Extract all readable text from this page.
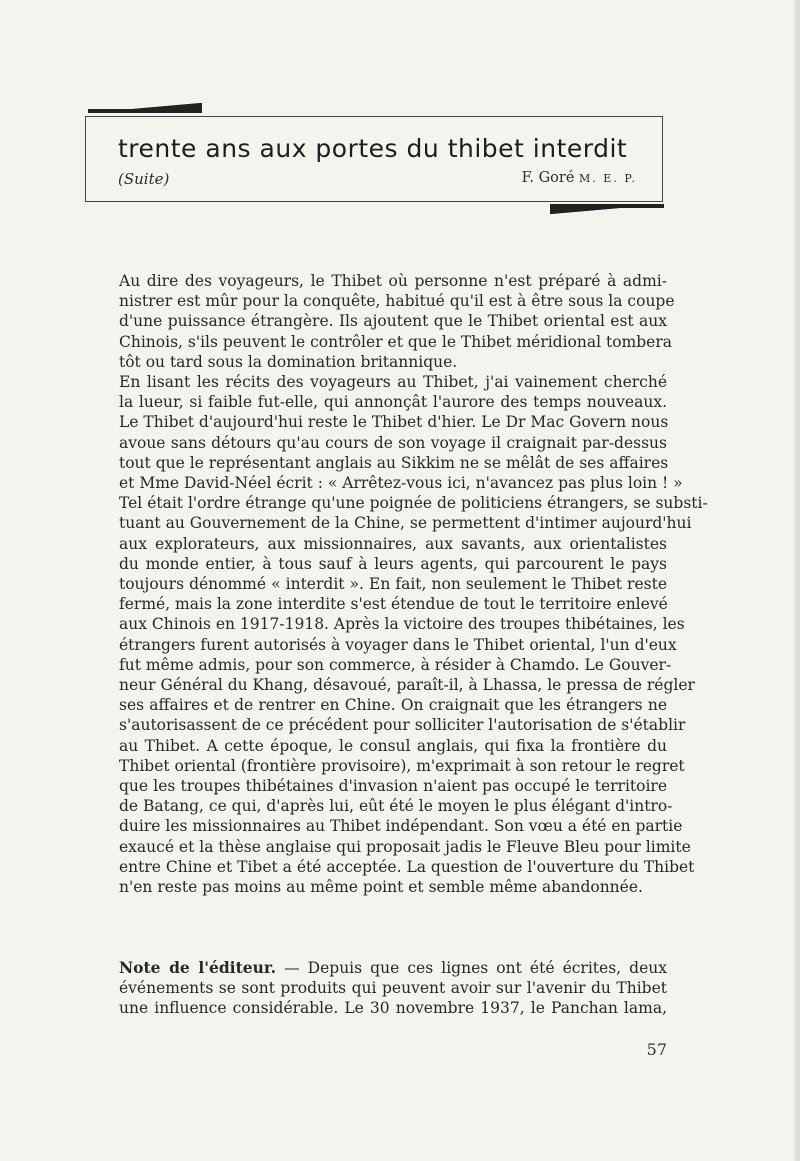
trente ans aux portes du thibet interdit
(Suite)	F. Goré M. E. P.
Au dire des voyageurs, le Thibet où personne n'est préparé à admi-
nistrer est mûr pour la conquête, habitué qu'il est à être sous la coupe
d'une puissance étrangère. Ils ajoutent que le Thibet oriental est aux
Chinois, s'ils peuvent le contrôler et que le Thibet méridional tombera
tôt ou tard sous la domination britannique.
En lisant les récits des voyageurs au Thibet, j'ai vainement cherché
la lueur, si faible fut-elle, qui annonçât l'aurore des temps nouveaux.
Le Thibet d'aujourd'hui reste le Thibet d'hier. Le Dr Mac Govern nous
avoue sans détours qu'au cours de son voyage il craignait par-dessus
tout que le représentant anglais au Sikkim ne se mêlât de ses affaires
et Mme David-Néel écrit : « Arrêtez-vous ici, n'avancez pas plus loin ! »
Tel était l'ordre étrange qu'une poignée de politiciens étrangers, se substi-
tuant au Gouvernement de la Chine, se permettent d'intimer aujourd'hui
aux explorateurs, aux missionnaires, aux savants, aux orientalistes
du monde entier, à tous sauf à leurs agents, qui parcourent le pays
toujours dénommé « interdit ». En fait, non seulement le Thibet reste
fermé, mais la zone interdite s'est étendue de tout le territoire enlevé
aux Chinois en 1917-1918. Après la victoire des troupes thibétaines, les
étrangers furent autorisés à voyager dans le Thibet oriental, l'un d'eux
fut même admis, pour son commerce, à résider à Chamdo. Le Gouver-
neur Général du Khang, désavoué, paraît-il, à Lhassa, le pressa de régler
ses affaires et de rentrer en Chine. On craignait que les étrangers ne
s'autorisassent de ce précédent pour solliciter l'autorisation de s'établir
au Thibet. A cette époque, le consul anglais, qui fixa la frontière du
Thibet oriental (frontière provisoire), m'exprimait à son retour le regret
que les troupes thibétaines d'invasion n'aient pas occupé le territoire
de Batang, ce qui, d'après lui, eût été le moyen le plus élégant d'intro-
duire les missionnaires au Thibet indépendant. Son vœu a été en partie
exaucé et la thèse anglaise qui proposait jadis le Fleuve Bleu pour limite
entre Chine et Tibet a été acceptée. La question de l'ouverture du Thibet
n'en reste pas moins au même point et semble même abandonnée.
Note de l'éditeur. — Depuis que ces lignes ont été écrites, deux
événements se sont produits qui peuvent avoir sur l'avenir du Thibet
une influence considérable. Le 30 novembre 1937, le Panchan lama,
57
